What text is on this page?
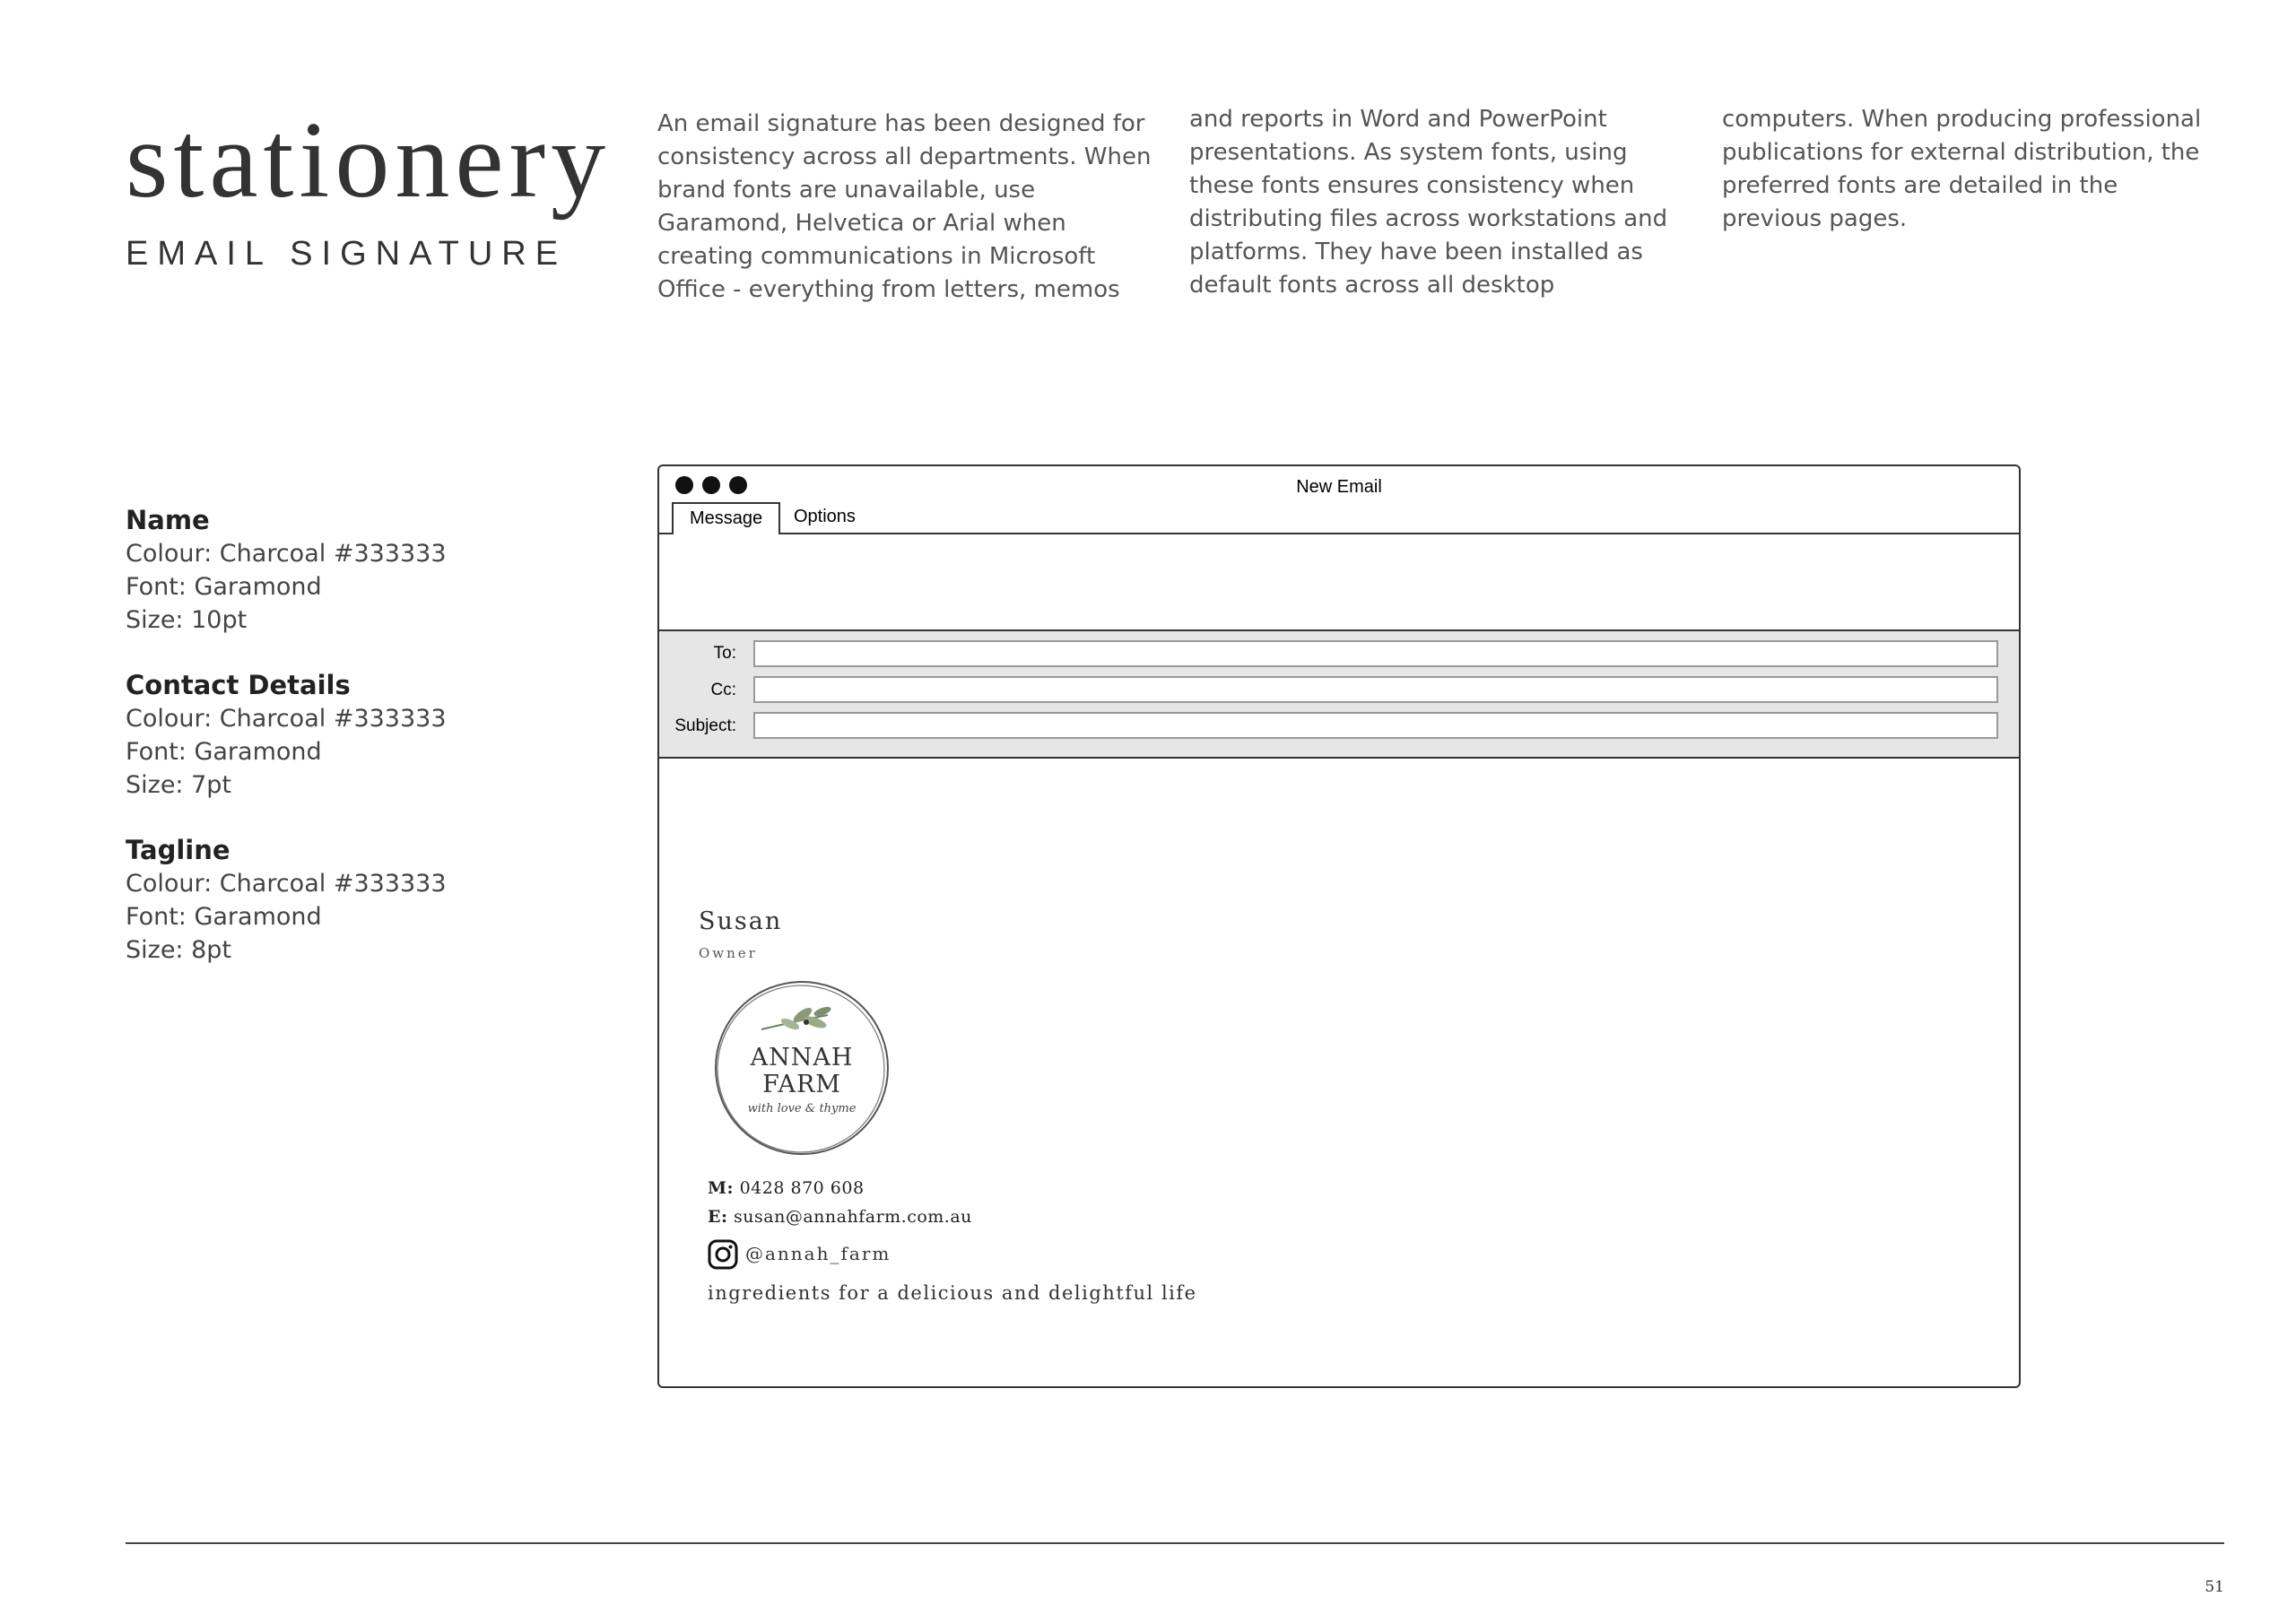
stationery
EMAIL SIGNATURE

An email signature has been designed for consistency across all departments. When brand fonts are unavailable, use Garamond, Helvetica or Arial when creating communications in Microsoft Office - everything from letters, memos

and reports in Word and PowerPoint presentations. As system fonts, using these fonts ensures consistency when distributing files across workstations and platforms. They have been installed as default fonts across all desktop

computers. When producing professional publications for external distribution, the preferred fonts are detailed in the previous pages.

Name
Colour: Charcoal #333333
Font: Garamond
Size: 10pt
Contact Details
Colour: Charcoal #333333
Font: Garamond
Size: 7pt
Tagline
Colour: Charcoal #333333
Font: Garamond
Size: 8pt
New Email
Message	Options
To:
Cc:
Subject:
Susan
Owner
ANNAH
FARM
with love & thyme
M: 0428 870 608
E: susan@annahfarm.com.au
@annah_farm
ingredients for a delicious and delightful life
51
